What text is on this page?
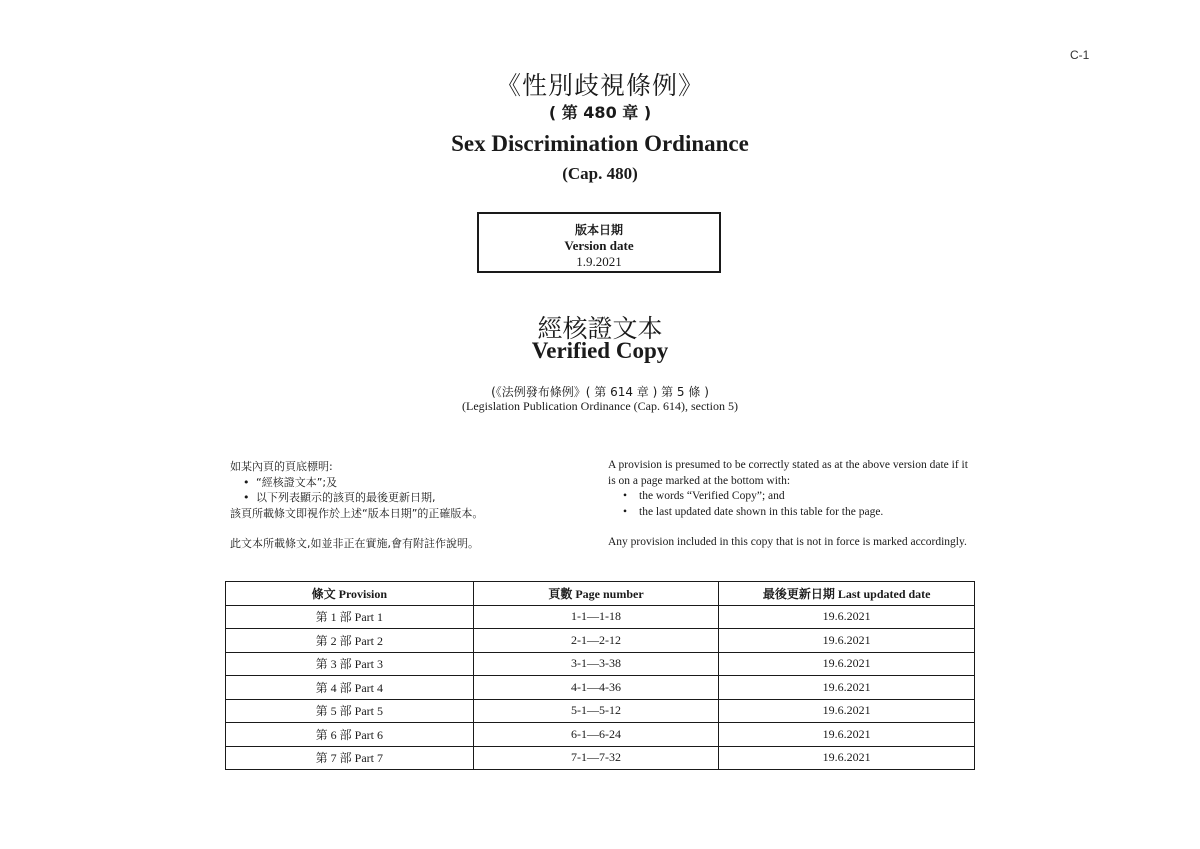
C-1
《性別歧視條例》
( 第 480 章 )
Sex Discrimination Ordinance
(Cap. 480)
版本日期
Version date
1.9.2021
經核證文本
Verified Copy
(《法例發布條例》( 第 614 章 ) 第 5 條 )
(Legislation Publication Ordinance (Cap. 614), section 5)
如某內頁的頁底標明:
• “經核證文本”;及
• 以下列表顯示的該頁的最後更新日期,
該頁所載條文即視作於上述“版本日期”的正確版本。
此文本所載條文,如並非正在實施,會有附註作說明。
A provision is presumed to be correctly stated as at the above version date if it is on a page marked at the bottom with:
• the words “Verified Copy”; and
• the last updated date shown in this table for the page.
Any provision included in this copy that is not in force is marked accordingly.
條文 Provision	頁數 Page number	最後更新日期 Last updated date
第 1 部 Part 1	1-1—1-18	19.6.2021
第 2 部 Part 2	2-1—2-12	19.6.2021
第 3 部 Part 3	3-1—3-38	19.6.2021
第 4 部 Part 4	4-1—4-36	19.6.2021
第 5 部 Part 5	5-1—5-12	19.6.2021
第 6 部 Part 6	6-1—6-24	19.6.2021
第 7 部 Part 7	7-1—7-32	19.6.2021
